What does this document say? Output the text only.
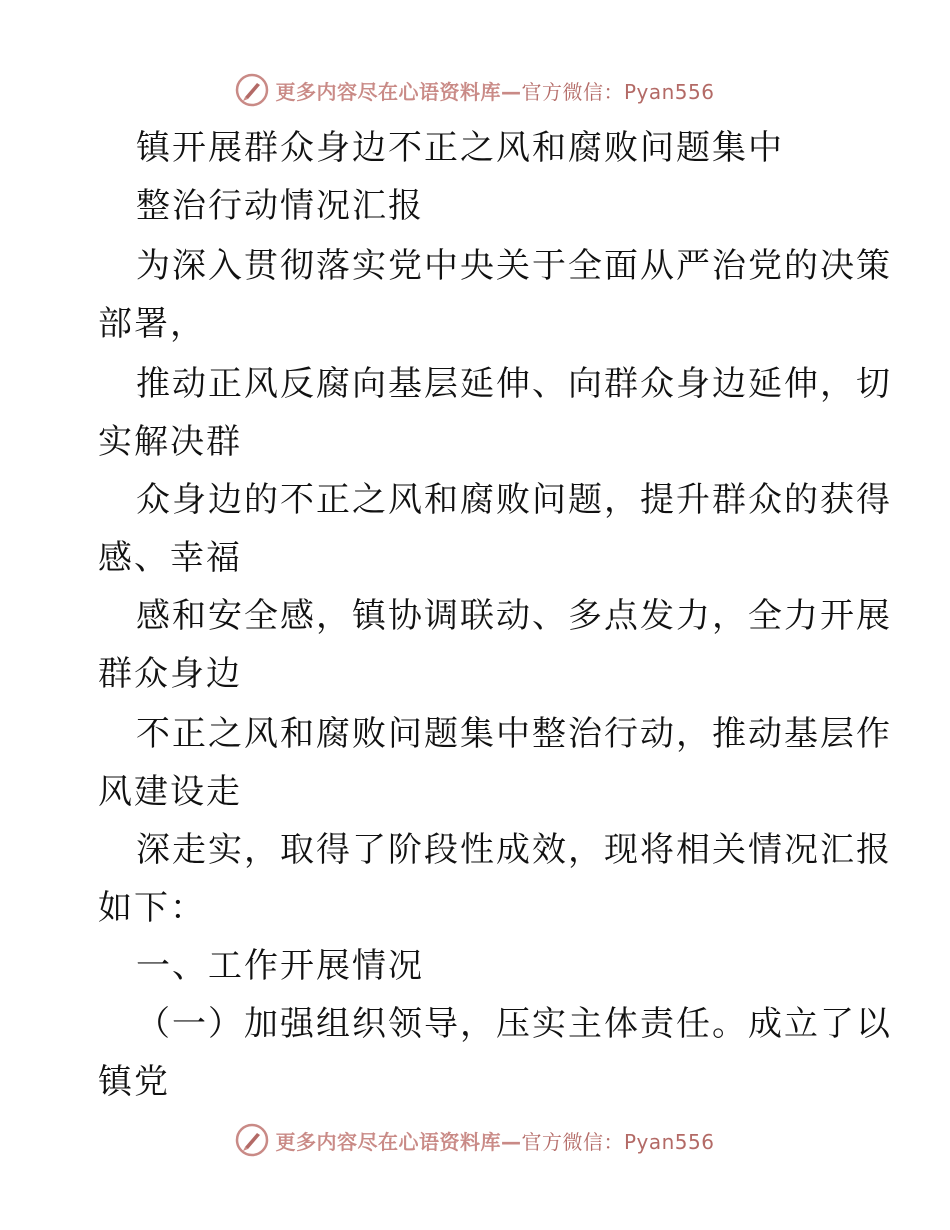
更多内容尽在心语资料库—官方微信：Pyan556
镇开展群众身边不正之风和腐败问题集中
整治行动情况汇报
为深入贯彻落实党中央关于全面从严治党的决策
部署，
推动正风反腐向基层延伸、向群众身边延伸，切
实解决群
众身边的不正之风和腐败问题，提升群众的获得
感、幸福
感和安全感，镇协调联动、多点发力，全力开展
群众身边
不正之风和腐败问题集中整治行动，推动基层作
风建设走
深走实，取得了阶段性成效，现将相关情况汇报
如下：
一、工作开展情况
（一）加强组织领导，压实主体责任。成立了以
镇党
更多内容尽在心语资料库—官方微信：Pyan556
